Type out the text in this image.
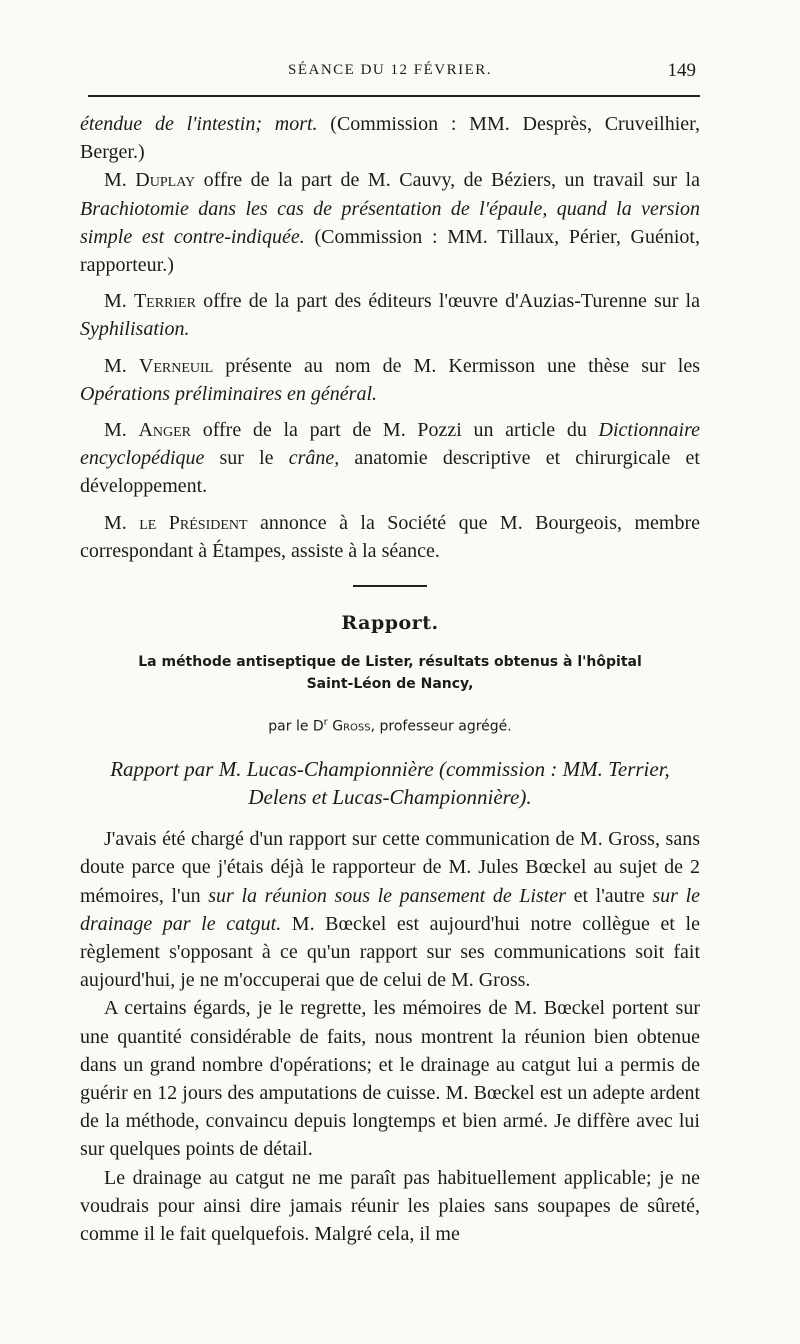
SÉANCE DU 12 FÉVRIER.	149

étendue de l'intestin; mort. (Commission : MM. Desprès, Cruveilhier, Berger.)

M. Duplay offre de la part de M. Cauvy, de Béziers, un travail sur la Brachiotomie dans les cas de présentation de l'épaule, quand la version simple est contre-indiquée. (Commission : MM. Tillaux, Périer, Guéniot, rapporteur.)

M. Terrier offre de la part des éditeurs l'œuvre d'Auzias-Turenne sur la Syphilisation.

M. Verneuil présente au nom de M. Kermisson une thèse sur les Opérations préliminaires en général.

M. Anger offre de la part de M. Pozzi un article du Dictionnaire encyclopédique sur le crâne, anatomie descriptive et chirurgicale et développement.

M. le Président annonce à la Société que M. Bourgeois, membre correspondant à Étampes, assiste à la séance.

Rapport.
La méthode antiseptique de Lister, résultats obtenus à l'hôpital
Saint-Léon de Nancy,
par le $D^r$ Gross, professeur agrégé.
Rapport par M. Lucas-Championnière (commission : MM. Terrier, Delens et Lucas-Championnière).

J'avais été chargé d'un rapport sur cette communication de M. Gross, sans doute parce que j'étais déjà le rapporteur de M. Jules Bœckel au sujet de 2 mémoires, l'un sur la réunion sous le pansement de Lister et l'autre sur le drainage par le catgut. M. Bœckel est aujourd'hui notre collègue et le règlement s'opposant à ce qu'un rapport sur ses communications soit fait aujourd'hui, je ne m'occuperai que de celui de M. Gross.

A certains égards, je le regrette, les mémoires de M. Bœckel portent sur une quantité considérable de faits, nous montrent la réunion bien obtenue dans un grand nombre d'opérations; et le drainage au catgut lui a permis de guérir en 12 jours des amputations de cuisse. M. Bœckel est un adepte ardent de la méthode, convaincu depuis longtemps et bien armé. Je diffère avec lui sur quelques points de détail.

Le drainage au catgut ne me paraît pas habituellement applicable; je ne voudrais pour ainsi dire jamais réunir les plaies sans soupapes de sûreté, comme il le fait quelquefois. Malgré cela, il me
